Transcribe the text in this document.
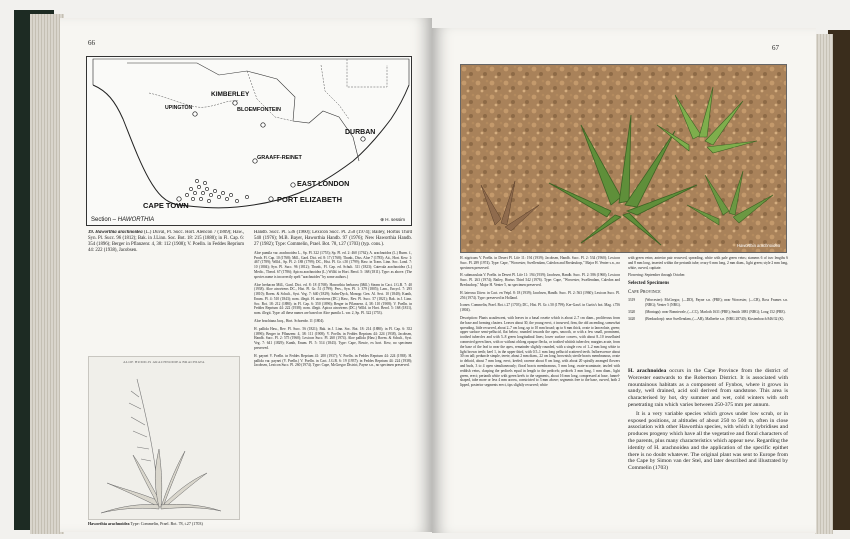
66
KIMBERLEY
UPINGTON	BLOEMFONTEIN
DURBAN
GRAAFF-REINET
EAST LONDON
CAPE TOWN
PORT ELIZABETH
Section – HAWORTHIA	⊕ H. sessim

39. Haworthia arachnoidea (L.) Duval, Pl. Succ. Hort. Alencon 7 (1809); Haw., Syn. Pl. Succ. 96 (1812); Bak. in J.Linn. Soc. Bot. 18: 215 (1880); in Fl. Cap. 6: 354 (1896); Berger in Pflanzenr. 4, 38: 112 (1908); V. Poelln. in Feddes Reprium 44: 222 (1938), Jacobsen.

Handb. Succ. Pl. 536 (1960); Lexicon Succ. Pl. 250 (1974); Bailey, Hortus Third 540 (1976); M.B. Bayer, Haworthia Handb. 97 (1976); New Haworthia Handb. 27 (1982); Type: Commelin, Prael. Bot. 78, t.27 (1703) (typ. cons.).

Aloe pumila var. arachnoidea L., Sp. Pl. 322 (1753); Sp. Pl. ed. 2: 460 (1762); A. arachnoidea (L.) Burm. f., Prodr. Fl. Cap. 10 (1768); Mill., Gard. Dict. ed. 8: 17 (1768); Thunb., Diss. Aloe 7 (1785); Ait., Hort. Kew. 1: 467 (1789); Willd., Sp. Pl. 2: 188 (1799); DC., Hist. Pl. Gr. t.50 (1799); Haw. in Trans. Linn. Soc. Lond. 7: 10 (1804); Syn. Pl. Succ. 96 (1812); Thunb., Fl. Cap. ed. Schult. 311 (1823); Catevala arachnoidea (L.) Medic., Theod. 67 (1786); Apicra arachnoidea (L.) Willd. in Hort. Berol. 5: 168 (1811). Type: as above. (The species name is incorrectly spelt "arachnoides" by some authors.)

Aloe herbacea Mill., Gard. Dict. ed. 8: 18 (1768); Haworthia herbacea (Mill.) Stearn in Cact. J.G.B. 7: 40 (1938). Aloe atrovirens DC., Hist. Pl. Gr. 51 (1799); Pers., Syn. Pl. 1: 379 (1805); Lam., Encycl. 7: 295 (1810); Roem. & Schult., Syst. Veg. 7: 640 (1829); Salm-Dyck, Monogr. Gen. Al. Sect. 10 (1840); Kunth, Enum. Pl. 4: 510 (1843); nom. illegit. H. atrovirens (DC.) Haw., Rev. Pl. Succ. 57 (1821); Bak. in J. Linn. Soc. Bot. 18: 212 (1880); in Fl. Cap. 6: 350 (1896); Berger in Pflanzenr. 4, 38: 110 (1908); V. Poelln. in Feddes Reprium 44: 222 (1938); nom. illegit. Apicra atrovirens (DC.) Willd. in Hort. Berol. 5: 168 (1811), nom. illegit. Type: all these names are based on Aloe pumila L. var. 2, Sp. Pl. 322 (1753).

Aloe brachiana Jacq., Hort. Schoenbr. 11 (1804).

H. pallida Haw., Rev. Pl. Succ. 56 (1821); Bak. in J. Linn. Soc. Bot. 18: 214 (1880); in Fl. Cap. 6: 352 (1896); Berger in Pflanzenr. 4, 38: 111 (1908); V. Poelln. in Feddes Reprium 44: 224 (1938), Jacobsen, Handb. Succ. Pl. 2: 575 (1960); Lexicon Succ. Pl. 260 (1974). Aloe pallida (Haw.) Roem. & Schult., Syst. Veg. 7: 641 (1829); Kunth, Enum. Pl. 5: 514 (1843). Type: Cape, Bowie, ex hort. Kew, no specimen preserved.

H. paynei V. Poelln. in Feddes Reprium 41: 200 (1937); V. Poelln. in Feddes Reprium 44: 224 (1938). H. pallida var. paynei (V. Poelln.) V. Poelln. in Cact. J.G.B. 6: 19 (1937); in Feddes Reprium 44: 224 (1938); Jacobsen, Lexicon Succ. Pl. 260 (1974). Type: Cape, McGregor District, Payne s.n., no specimen preserved.

ALOE HUMILIS ARACHNOIDEA BRACHIATA
Haworthia arachnoidea Type: Commelin, Prael. Bot. 78, t.27 (1703)
67
Haworthia arachnoidea

H. nigricans V. Poelln. in Desert Pl. Life 11: 194 (1939); Jacobsen, Handb. Succ. Pl. 2: 534 (1960); Lexicon Succ. Pl. 289 (1974). Type: Cape, "Worcester, Swellendam, Caledon and Bredasdorp," Major H. Venter s.n., no specimen preserved.

H. submaculata V. Poelln. in Desert Pl. Life 11: 194 (1939); Jacobsen, Handb. Succ. Pl. 2: 586 (1960); Lexicon Succ. Pl. 263 (1974); Bailey, Hortus Third 542 (1976). Type: Cape, "Worcester, Swellendam, Caledon and Bredasdorp," Major H. Venter 5, no specimen preserved.

H. laterosa Uitew. in Cact. en Vetpl. 8: 18 (1939); Jacobsen, Handb. Succ. Pl. 2: 563 (1960); Lexicon Succ. Pl. 256 (1974). Type: preserved in Holland.

Icones: Commelin, Prael. Bot. t.27 (1703); DC., Hist. Pl. Gr. t.50 (1799); Ker-Gawl. in Curtis's bot. Mag. t.756 (1804).

Description: Plants acaulescent, with leaves in a basal rosette which is about 2–7 cm diam., proliferous from the base and forming clusters. Leaves about 30, the young erect, ± incurved, firm, the old ascending, somewhat spreading, little recurved, about 2–7 cm long, up to 10 mm broad; up to 6 mm thick, ovate to lanceolate, green; upper surface semi-pellucid, flat below, rounded towards the apex, smooth, or with a few small, prominent, toothed tubercles and with 5–8 green longitudinal lines; lower surface convex, with about 8–10 tessellated connected green lines, with or without oblong opaque flecks, or toothed whitish tubercles; margins acute, from the base of the leaf to near the apex, remainder slightly rounded, with a single row of 1–2 mm long white to light brown teeth; keel 1, in the upper third, with 0.5–1 mm long pellucid scattered teeth. Inflorescence about 30 cm tall; peduncle simple, terete, about 2 mm diam., 22 cm long, brownish; sterile bracts membranous, ovate to deltoid, about 7 mm long, erect, keeled; raceme about 8 cm long, with about 20 spirally arranged flowers and buds, 3 to 4 open simultaneously; floral bracts membranous, 5 mm long, ovate-acuminate, tawled with reddish veins, clasping the pedicels equal in length to the pedicels; pedicels 3 mm long, 1 mm diam., light green, erect; perianth white with green keels to the segments, about 16 mm long, compressed at base, funnel-shaped, tube more or less 4 mm across, constricted to 3 mm above; segments free to the base, curved, both 2 lipped, posterior segments erect, tips slightly recurved; white

with green veins; anterior pair recurved, spreading, white with pale green veins; stamens 6 of two lengths 6 and 8 mm long, inserted within the perianth tube; ovary 6 mm long, 2 mm diam., light green; style 2 mm long, white, curved, capitate.

Flowering: September through October.

Selected Specimens

Cape Province

3319	(Worcester): McGregor, (—DD), Payne s.n. (PRE); near Worcester, (—CB), Ross Frames s.n. (NBG); Venter 5 (NBG).
3320	(Montagu): near Bonnievale, (—CC), Marloth 1631 (PRE); Smith 3881 (NBG); Long 152 (PRE).
3420	(Bredasdorp): near Swellendam, (—AB), Malherbe s.n. (NBG 28740); Kirstenbosch 846/32 (K).

H. arachnoidea occurs in the Cape Province from the district of Worcester eastwards to the Robertson District. It is associated with mountainous habitats as a component of Fynbos, where it grows in sandy, well drained, acid soil derived from sandstone. This area is characterised by hot, dry summer and wet, cold winters with soft penetrating rain which varies between 250-375 mm per annum.

It is a very variable species which grows under low scrub, or in exposed positions, at altitudes of about 250 to 500 m, often in close association with other Haworthia species, with which it hybridises and produces progeny which have all the vegetative and floral characters of the parents, plus many characteristics which appear new. Regarding the identity of H. arachnoidea and the application of the specific epithet there is no doubt whatever. The original plant was sent to Europe from the Cape by Simon van der Stel, and later described and illustrated by Commelin (1703)
